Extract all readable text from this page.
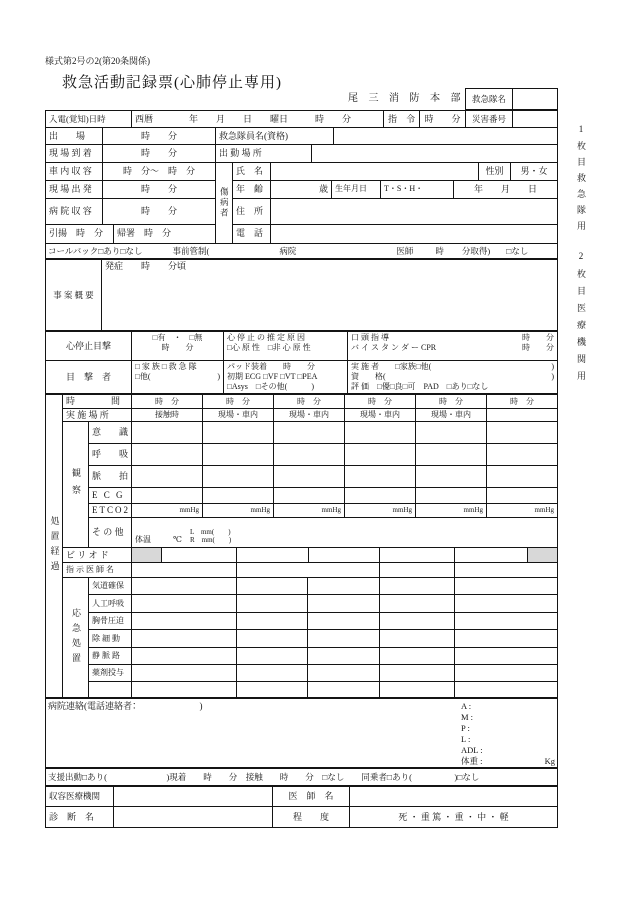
様式第2号の2(第20条関係)
救急活動記録票(心肺停止専用)
尾 三 消 防 本 部 救急隊名
1枚目救急隊用
2枚目医療機関用
入電(覚知)日時	西暦　　　　年　　月　　日　　曜日　　　時　　分	指　令	時　　分	災害番号
出　　場	時　　分	救急隊員名(資格)
現 場 到 着	時　　分	出 動 場 所
車 内 収 容	時　分～　時　分
現 場 出 発	時　　分
病 院 収 容	時　　分
引揚　時　分	帰署　時　分
傷病者
氏　名	性別	男・女
年　齢	歳 生年月日	T・S・H・	年　　月　　日
住　所
電　話
コールバック□あり□なし	事前管制(	病院	医師	時 分取得) □なし
事 案 概 要
発症　　時　　分頃
心停止目撃
□有　・　□無
時　　分
心 停 止 の 推 定 原 因
□心 原 性　□非 心 原 性
口 頭 指 導	時　　分
バ イ ス タ ン ダ ー CPR	時　　分
目　撃　者
□ 家 族 □ 救 急 隊
□他(	)
パッド装着　　時　　分
初期 ECG □VF □VT □PEA
□Asys　□その他(　　　)
実 施 者　　□家族□他(	)
資　　格(	)
評 価　□優□良□可　PAD　□あり□なし
処置経過
時　　　　間	時　分	時　分	時　分	時　分	時　分	時　分
実 施 場 所	接触時	現場・車内	現場・車内	現場・車内	現場・車内
観察
意　　識
呼　　吸
脈　　拍
E C G
ETCO2	mmHg	mmHg	mmHg	mmHg	mmHg	mmHg
そ の 他
体温	℃
L　mm(　　)
R　mm(　　)
ビ リ オ ド
指 示 医 師 名
応急処置
気道確保
人工呼吸
胸骨圧迫
除 細 動
静 脈 路
薬剤投与
病院連絡(電話連絡者：　　　　　　　)	A :
M :
P :
L :
ADL :
体重 :	Kg
支援出動□あり(　　　　　　　)現着　　時　　分　接触　　時　　分　□なし　　同乗者□あり(　　　　　)□なし
収容医療機関	医　師　名
診　断　名	程　　度	死 ・ 重 篤 ・ 重 ・ 中 ・ 軽
